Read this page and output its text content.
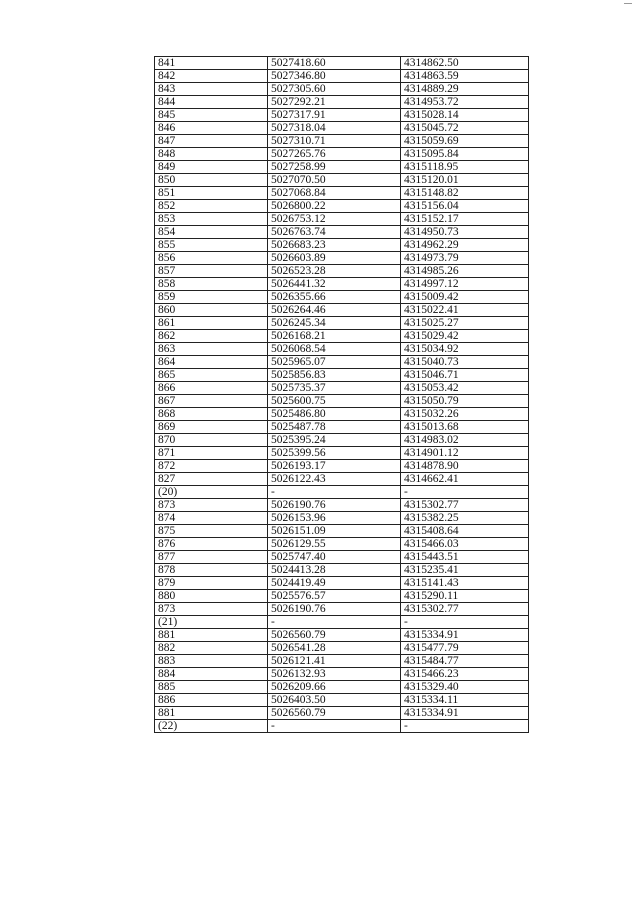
841	5027418.60	4314862.50
842	5027346.80	4314863.59
843	5027305.60	4314889.29
844	5027292.21	4314953.72
845	5027317.91	4315028.14
846	5027318.04	4315045.72
847	5027310.71	4315059.69
848	5027265.76	4315095.84
849	5027258.99	4315118.95
850	5027070.50	4315120.01
851	5027068.84	4315148.82
852	5026800.22	4315156.04
853	5026753.12	4315152.17
854	5026763.74	4314950.73
855	5026683.23	4314962.29
856	5026603.89	4314973.79
857	5026523.28	4314985.26
858	5026441.32	4314997.12
859	5026355.66	4315009.42
860	5026264.46	4315022.41
861	5026245.34	4315025.27
862	5026168.21	4315029.42
863	5026068.54	4315034.92
864	5025965.07	4315040.73
865	5025856.83	4315046.71
866	5025735.37	4315053.42
867	5025600.75	4315050.79
868	5025486.80	4315032.26
869	5025487.78	4315013.68
870	5025395.24	4314983.02
871	5025399.56	4314901.12
872	5026193.17	4314878.90
827	5026122.43	4314662.41
(20)	-	-
873	5026190.76	4315302.77
874	5026153.96	4315382.25
875	5026151.09	4315408.64
876	5026129.55	4315466.03
877	5025747.40	4315443.51
878	5024413.28	4315235.41
879	5024419.49	4315141.43
880	5025576.57	4315290.11
873	5026190.76	4315302.77
(21)	-	-
881	5026560.79	4315334.91
882	5026541.28	4315477.79
883	5026121.41	4315484.77
884	5026132.93	4315466.23
885	5026209.66	4315329.40
886	5026403.50	4315334.11
881	5026560.79	4315334.91
(22)	-	-
